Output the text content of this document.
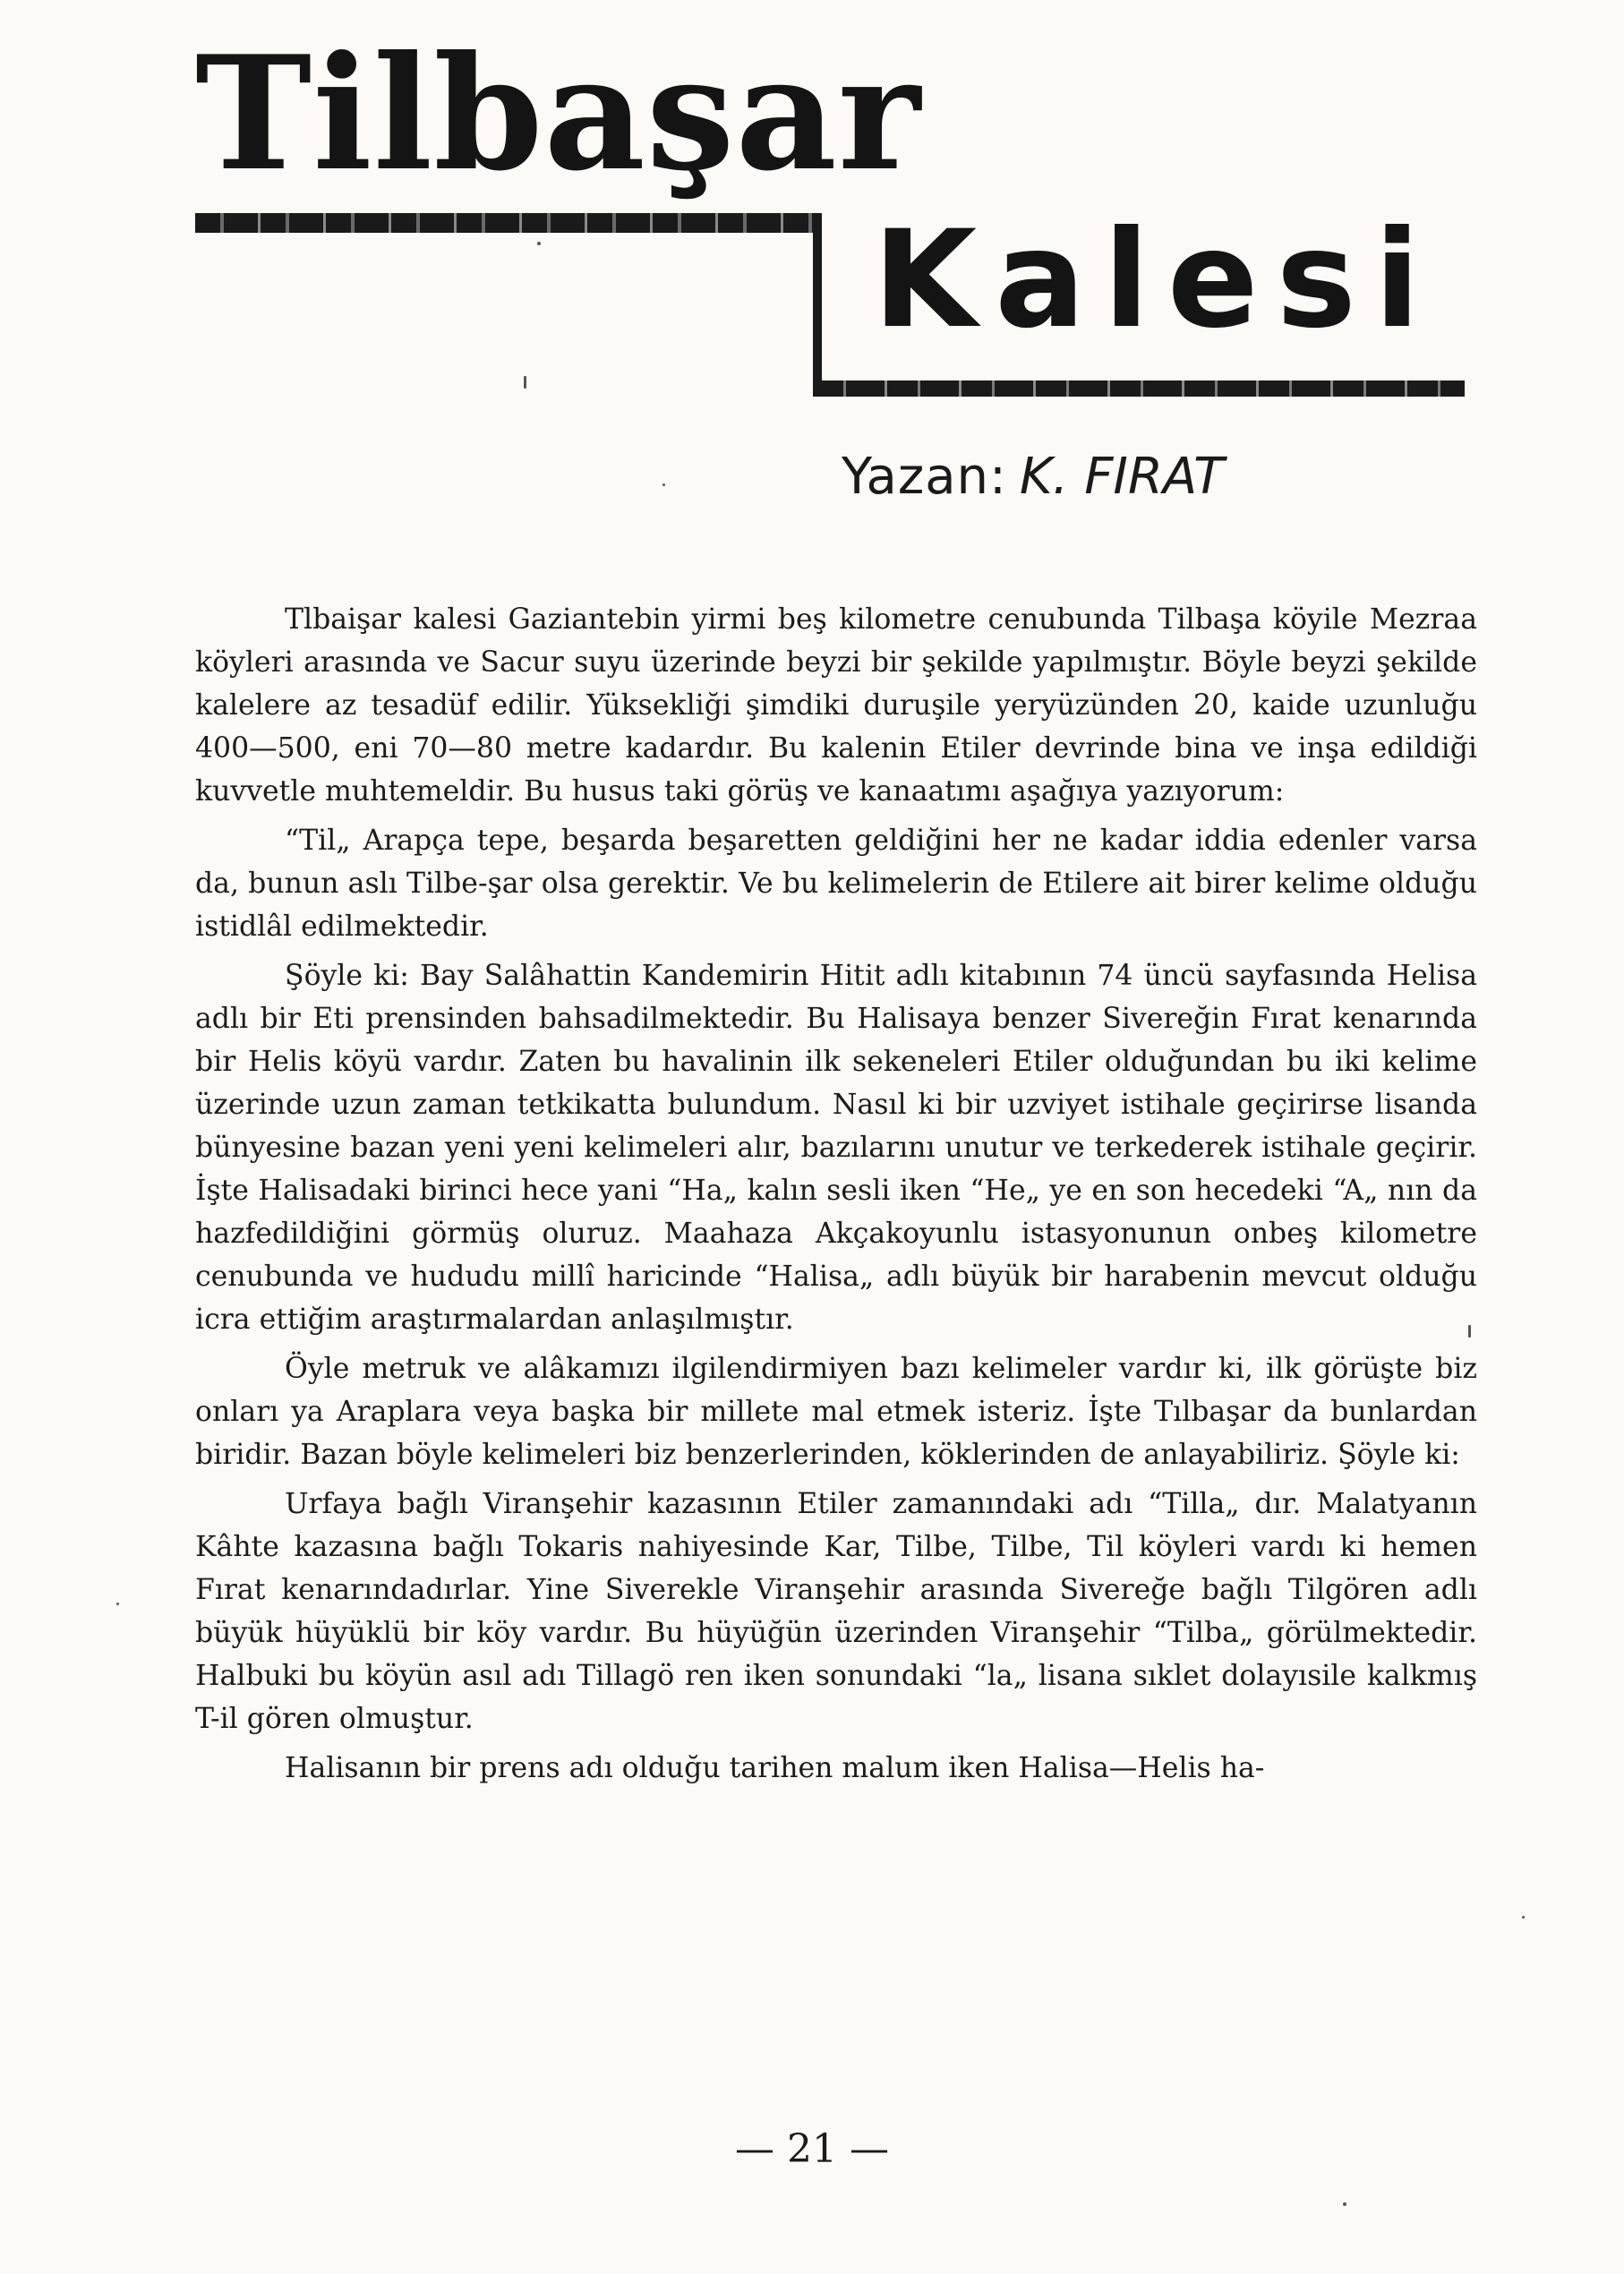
Tilbaşar
Kalesi
Yazan: K. FIRAT

Tlbaişar kalesi Gaziantebin yirmi beş kilometre cenubunda Tilbaşa köyile Mezraa köyleri arasında ve Sacur suyu üzerinde beyzi bir şekilde yapılmıştır. Böyle beyzi şekilde kalelere az tesadüf edilir. Yüksekliği şimdiki duruşile yeryüzünden 20, kaide uzunluğu 400—500, eni 70—80 metre kadardır. Bu kalenin Etiler devrinde bina ve inşa edildiği kuvvetle muhtemeldir. Bu husus taki görüş ve kanaatımı aşağıya yazıyorum:

“Til„ Arapça tepe, beşarda beşaretten geldiğini her ne kadar iddia edenler varsa da, bunun aslı Tilbe-şar olsa gerektir. Ve bu kelimelerin de Etilere ait birer kelime olduğu istidlâl edilmektedir.

Şöyle ki: Bay Salâhattin Kandemirin Hitit adlı kitabının 74 üncü sayfasında Helisa adlı bir Eti prensinden bahsadilmektedir. Bu Halisaya benzer Sivereğin Fırat kenarında bir Helis köyü vardır. Zaten bu havalinin ilk sekeneleri Etiler olduğundan bu iki kelime üzerinde uzun zaman tetkikatta bulundum. Nasıl ki bir uzviyet istihale geçirirse lisanda bünyesine bazan yeni yeni kelimeleri alır, bazılarını unutur ve terkederek istihale geçirir. İşte Halisadaki birinci hece yani “Ha„ kalın sesli iken “He„ ye en son hecedeki “A„ nın da hazfedildiğini görmüş oluruz. Maahaza Akçakoyunlu istasyonunun onbeş kilometre cenubunda ve hududu millî haricinde “Halisa„ adlı büyük bir harabenin mevcut olduğu icra ettiğim araştırmalardan anlaşılmıştır.

Öyle metruk ve alâkamızı ilgilendirmiyen bazı kelimeler vardır ki, ilk görüşte biz onları ya Araplara veya başka bir millete mal etmek isteriz. İşte Tılbaşar da bunlardan biridir. Bazan böyle kelimeleri biz benzerlerinden, köklerinden de anlayabiliriz. Şöyle ki:

Urfaya bağlı Viranşehir kazasının Etiler zamanındaki adı “Tilla„ dır. Malatyanın Kâhte kazasına bağlı Tokaris nahiyesinde Kar, Tilbe, Tilbe, Til köyleri vardı ki hemen Fırat kenarındadırlar. Yine Siverekle Viranşehir arasında Sivereğe bağlı Tilgören adlı büyük hüyüklü bir köy vardır. Bu hüyüğün üzerinden Viranşehir “Tilba„ görülmektedir. Halbuki bu köyün asıl adı Tillagö ren iken sonundaki “la„ lisana sıklet dolayısile kalkmış T-il gören olmuştur.

Halisanın bir prens adı olduğu tarihen malum iken Halisa—Helis ha-

— 21 —
